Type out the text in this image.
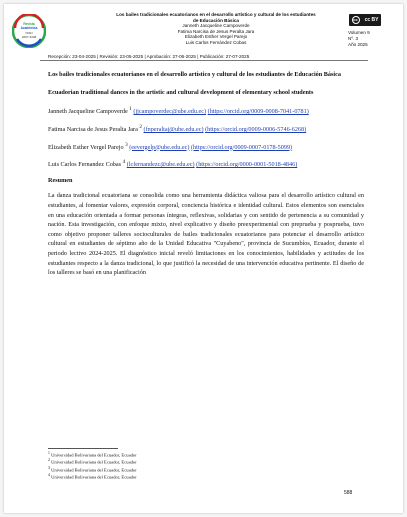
Revista
Académica
ISSN
2697-3348
Los bailes tradicionales ecuatorianos en el desarrollo artístico y cultural de los estudiantes
de Educación Básica
Janneth Jacqueline Campoverde
Fatima Narcisa de Jesus Peralta Jara
Elizabeth Esther Vergel Parejo
Luis Carlos Fernández Cobas
cc	cc BY
Volumen 9
Nº. 3
Año 2025
Recepción: 23-04-2025 | Revisión: 23-05-2025 | Aprobación: 27-06-2025 | Publicación: 27-07-2025

Los bailes tradicionales ecuatorianos en el desarrollo artístico y cultural de los estudiantes de Educación Básica

Ecuadorian traditional dances in the artistic and cultural development of elementary school students

Janneth Jacqueline Campoverde $^1$ (jjcampoverdec@ube.edu.ec) (https://orcid.org/0009-0008-7041-0781)

Fatima Narcisa de Jesus Peralta Jara $^2$ (fnperaltaj@ube.edu.ec) (https://orcid.org/0009-0006-5746-6268)

Elizabeth Esther Vergel Parejo $^3$ (eevergelp@ube.edu.ec) (https://orcid.org/0009-0007-0178-5099)

Luis Carlos Fernandez Cobas $^4$ (lcfernandezc@ube.edu.ec) (https://orcid.org/0000-0001-5018-4846)

Resumen

La danza tradicional ecuatoriana se consolida como una herramienta didáctica valiosa para el desarrollo artístico cultural en estudiantes, al fomentar valores, expresión corporal, conciencia histórica e identidad cultural. Estos elementos son esenciales en una educación orientada a formar personas íntegras, reflexivas, solidarias y con sentido de pertenencia a su comunidad y nación. Esta investigación, con enfoque mixto, nivel explicativo y diseño preexperimental con preprueba y posprueba, tuvo como objetivo proponer talleres socioculturales de bailes tradicionales ecuatorianos para potenciar el desarrollo artístico cultural en estudiantes de séptimo año de la Unidad Educativa "Cuyabeno", provincia de Sucumbíos, Ecuador, durante el periodo lectivo 2024-2025. El diagnóstico inicial reveló limitaciones en los conocimientos, habilidades y actitudes de los estudiantes respecto a la danza tradicional, lo que justificó la necesidad de una intervención educativa pertinente. El diseño de los talleres se basó en una planificación

$^1$ Universidad Bolivariana del Ecuador, Ecuador
$^2$ Universidad Bolivariana del Ecuador, Ecuador
$^3$ Universidad Bolivariana del Ecuador, Ecuador
$^4$ Universidad Bolivariana del Ecuador, Ecuador
588
